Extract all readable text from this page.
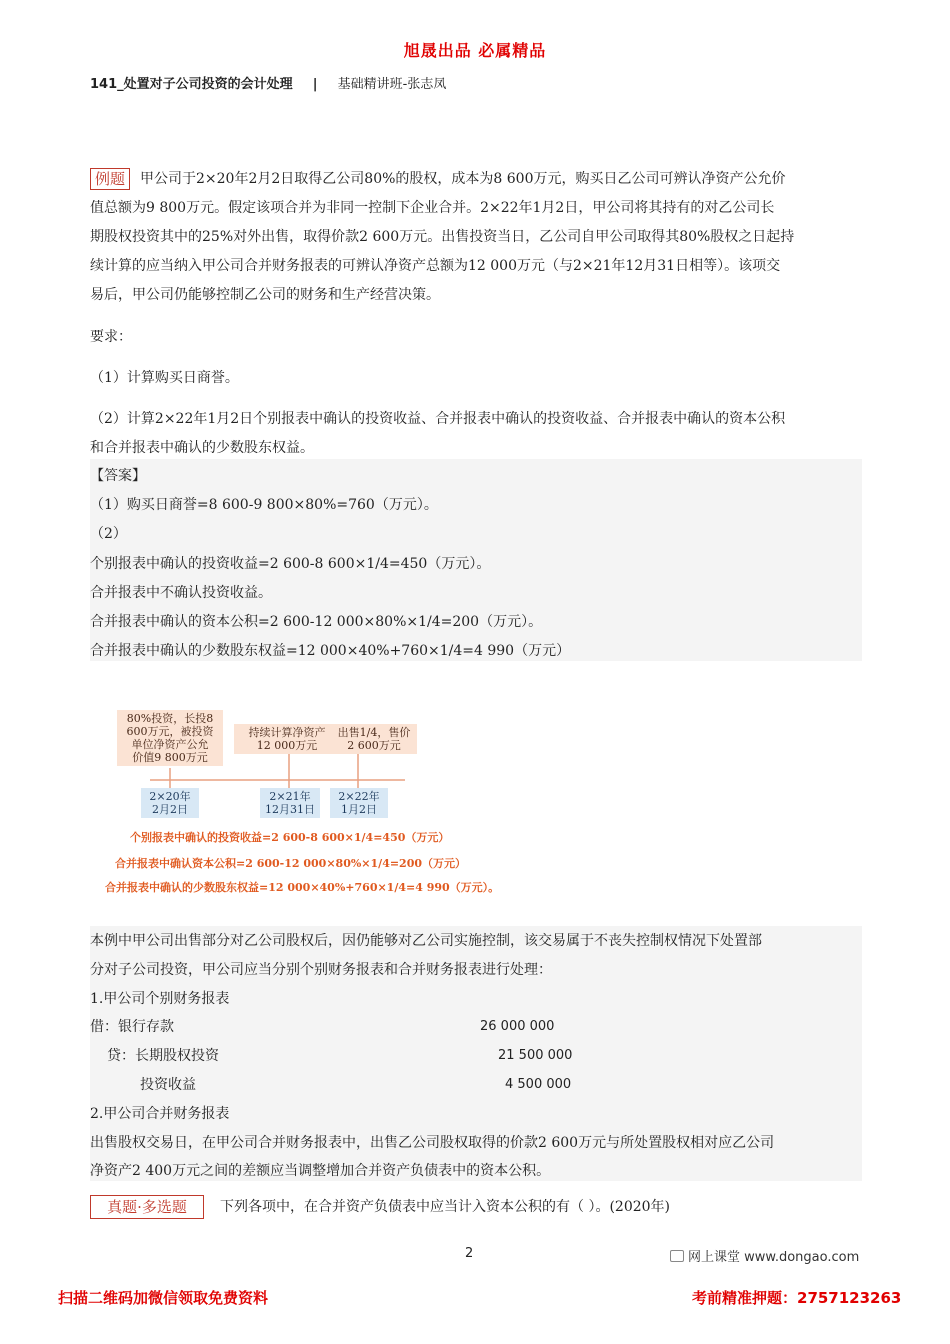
旭晟出品 必属精品
141_处置对子公司投资的会计处理 | 基础精讲班-张志凤
例题 甲公司于2×20年2月2日取得乙公司80%的股权，成本为8 600万元，购买日乙公司可辨认净资产公允价
值总额为9 800万元。假定该项合并为非同一控制下企业合并。2×22年1月2日，甲公司将其持有的对乙公司长
期股权投资其中的25%对外出售，取得价款2 600万元。出售投资当日，乙公司自甲公司取得其80%股权之日起持
续计算的应当纳入甲公司合并财务报表的可辨认净资产总额为12 000万元（与2×21年12月31日相等）。该项交
易后，甲公司仍能够控制乙公司的财务和生产经营决策。
要求：
（1）计算购买日商誉。
（2）计算2×22年1月2日个别报表中确认的投资收益、合并报表中确认的投资收益、合并报表中确认的资本公积
和合并报表中确认的少数股东权益。
【答案】
（1）购买日商誉=8 600-9 800×80%=760（万元）。
（2）
个别报表中确认的投资收益=2 600-8 600×1/4=450（万元）。
合并报表中不确认投资收益。
合并报表中确认的资本公积=2 600-12 000×80%×1/4=200（万元）。
合并报表中确认的少数股东权益=12 000×40%+760×1/4=4 990（万元）
80%投资，长投8
600万元，被投资
单位净资产公允
价值9 800万元
持续计算净资产
12 000万元
出售1/4，售价
2 600万元
2×20年
2月2日
2×21年
12月31日
2×22年
1月2日
个别报表中确认的投资收益=2 600-8 600×1/4=450（万元）
合并报表中确认资本公积=2 600-12 000×80%×1/4=200（万元）
合并报表中确认的少数股东权益=12 000×40%+760×1/4=4 990（万元）。
本例中甲公司出售部分对乙公司股权后，因仍能够对乙公司实施控制，该交易属于不丧失控制权情况下处置部
分对子公司投资，甲公司应当分别个别财务报表和合并财务报表进行处理：
1.甲公司个别财务报表
借：银行存款	26 000 000
贷：长期股权投资	21 500 000
投资收益	4 500 000
2.甲公司合并财务报表
出售股权交易日，在甲公司合并财务报表中，出售乙公司股权取得的价款2 600万元与所处置股权相对应乙公司
净资产2 400万元之间的差额应当调整增加合并资产负债表中的资本公积。
真题·多选题	下列各项中，在合并资产负债表中应当计入资本公积的有（ ）。(2020年)
2	网上课堂 www.dongao.com
扫描二维码加微信领取免费资料	考前精准押题：2757123263
